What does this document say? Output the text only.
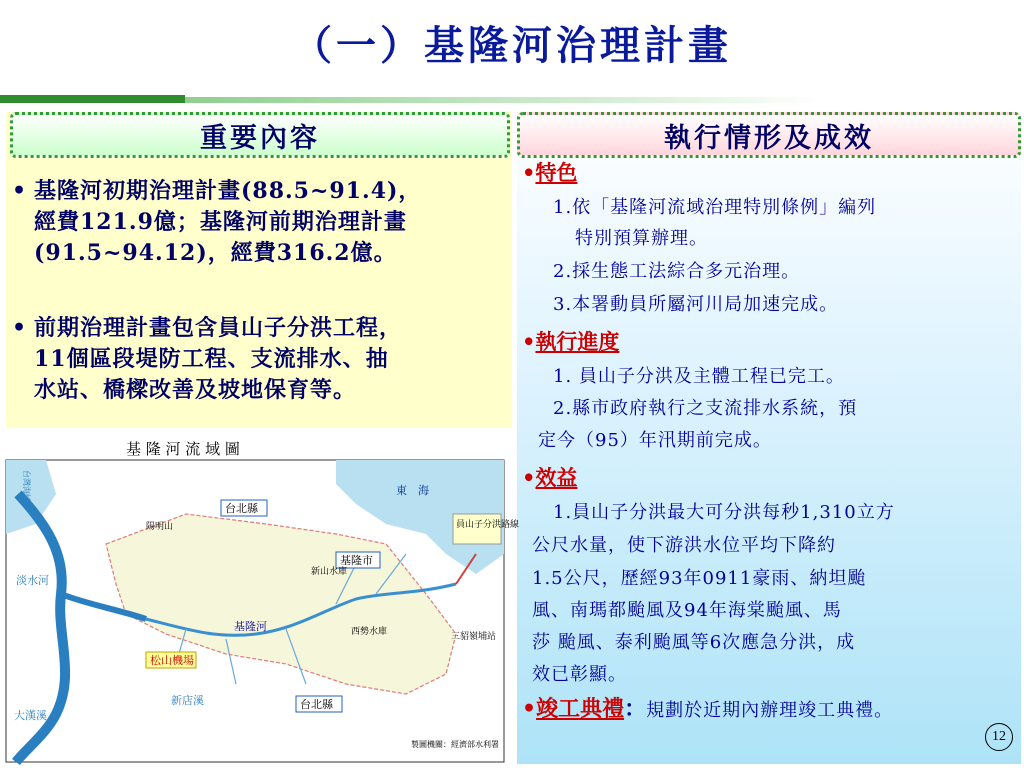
（一）基隆河治理計畫
重要內容
• 基隆河初期治理計畫(88.5~91.4)，
經費121.9億；基隆河前期治理計畫
(91.5~94.12)，經費316.2億。
• 前期治理計畫包含員山子分洪工程，
11個區段堤防工程、支流排水、抽
水站、橋樑改善及坡地保育等。
執行情形及成效
•特色
1.依「基隆河流域治理特別條例」編列
特別預算辦理。
2.採生態工法綜合多元治理。
3.本署動員所屬河川局加速完成。
•執行進度
1. 員山子分洪及主體工程已完工。
2.縣市政府執行之支流排水系統，預
定今（95）年汛期前完成。
•效益
1.員山子分洪最大可分洪每秒1,310立方
公尺水量，使下游洪水位平均下降約
1.5公尺，歷經93年0911豪雨、納坦颱
風、南瑪都颱風及94年海棠颱風、馬
莎 颱風、泰利颱風等6次應急分洪，成
效已彰顯。
•竣工典禮：規劃於近期內辦理竣工典禮。
12
基 隆 河 流 域 圖
台北縣
東　海
員山子分洪路線
基隆市
淡水河
大漢溪
新店溪
基隆河
松山機場
三貂嶺埔站
新山水庫
西勢水庫
陽明山
台北縣
製圖機關：經濟部水利署
台灣海峽
